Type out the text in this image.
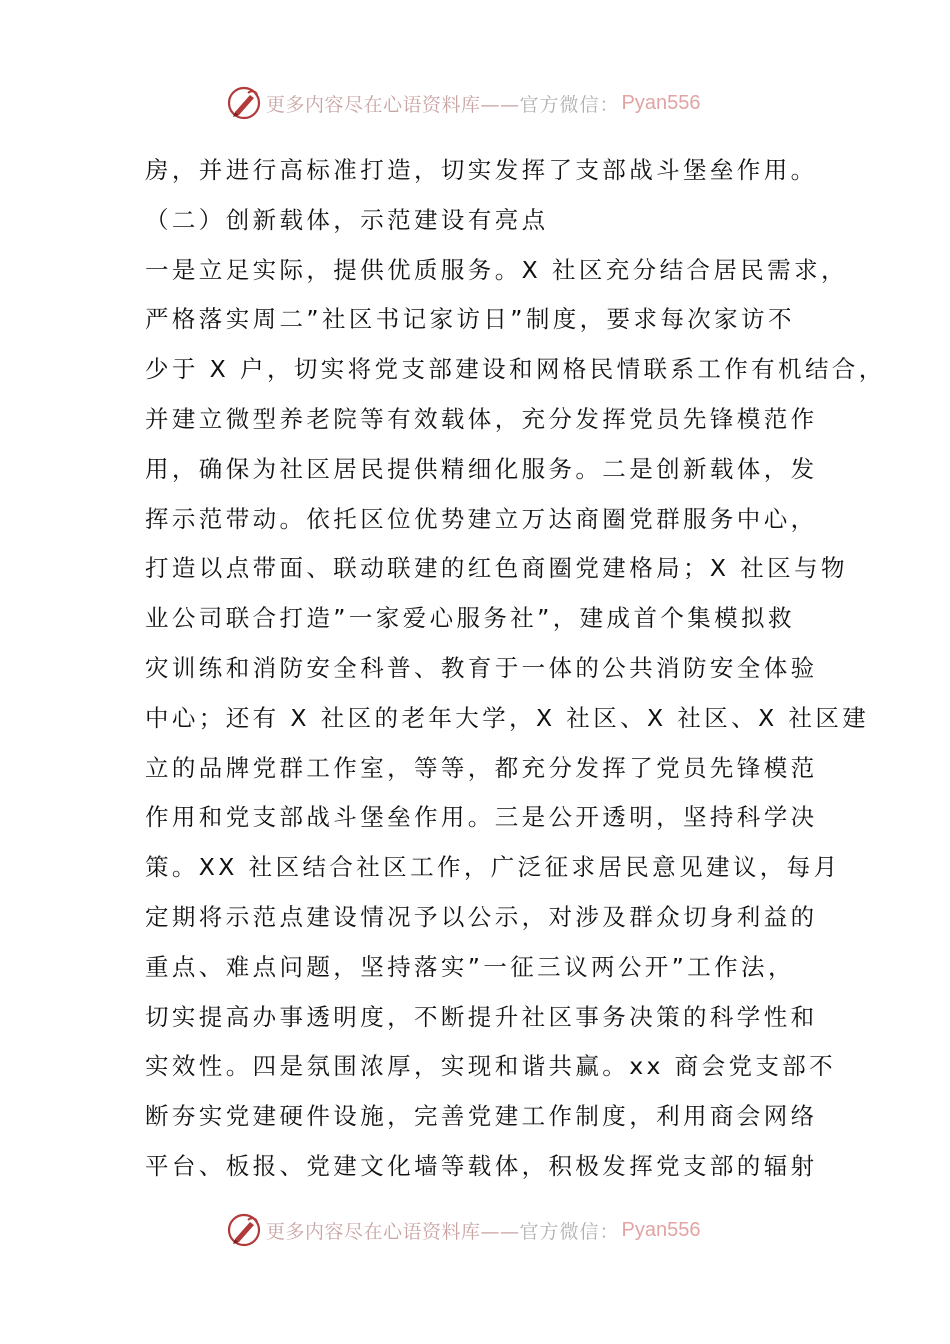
更多内容尽在心语资料库—— 官方微信： Pyan556
房，并进行高标准打造，切实发挥了支部战斗堡垒作用。
（二）创新载体，示范建设有亮点
一是立足实际，提供优质服务。X 社区充分结合居民需求，
严格落实周二”社区书记家访日”制度，要求每次家访不
少于 X 户，切实将党支部建设和网格民情联系工作有机结合，
并建立微型养老院等有效载体，充分发挥党员先锋模范作
用，确保为社区居民提供精细化服务。二是创新载体，发
挥示范带动。依托区位优势建立万达商圈党群服务中心，
打造以点带面、联动联建的红色商圈党建格局；X 社区与物
业公司联合打造”一家爱心服务社”，建成首个集模拟救
灾训练和消防安全科普、教育于一体的公共消防安全体验
中心；还有 X 社区的老年大学，X 社区、X 社区、X 社区建
立的品牌党群工作室，等等，都充分发挥了党员先锋模范
作用和党支部战斗堡垒作用。三是公开透明，坚持科学决
策。XX 社区结合社区工作，广泛征求居民意见建议，每月
定期将示范点建设情况予以公示，对涉及群众切身利益的
重点、难点问题，坚持落实”一征三议两公开”工作法，
切实提高办事透明度，不断提升社区事务决策的科学性和
实效性。四是氛围浓厚，实现和谐共赢。xx 商会党支部不
断夯实党建硬件设施，完善党建工作制度，利用商会网络
平台、板报、党建文化墙等载体，积极发挥党支部的辐射
更多内容尽在心语资料库—— 官方微信： Pyan556
